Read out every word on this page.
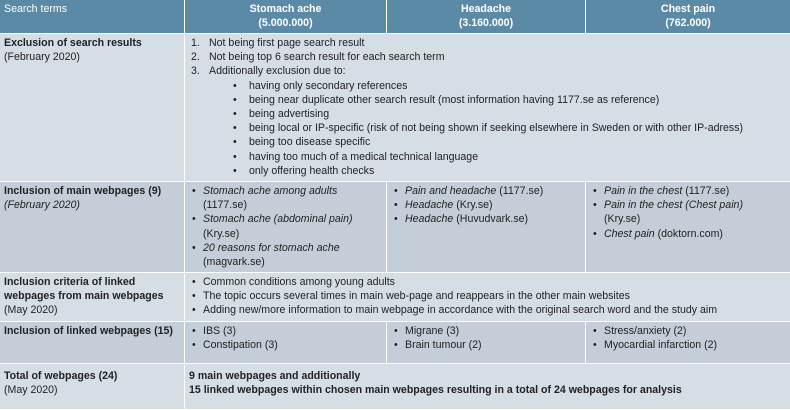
Search terms	Stomach ache
(5.000.000)
Headache
(3.160.000)
Chest pain
(762.000)
Exclusion of search results
(February 2020)
1. Not being first page search result
2. Not being top 6 search result for each search term
3. Additionally exclusion due to:
• having only secondary references
• being near duplicate other search result (most information having 1177.se as reference)
• being advertising
• being local or IP-specific (risk of not being shown if seeking elsewhere in Sweden or with other IP-adress)
• being too disease specific
• having too much of a medical technical language
• only offering health checks
Inclusion of main webpages (9)
(February 2020)
• Stomach ache among adults
(1177.se)
• Stomach ache (abdominal pain)
(Kry.se)
• 20 reasons for stomach ache
(magvark.se)
• Pain and headache (1177.se)
• Headache (Kry.se)
• Headache (Huvudvark.se)
• Pain in the chest (1177.se)
• Pain in the chest (Chest pain)
(Kry.se)
• Chest pain (doktorn.com)
Inclusion criteria of linked
webpages from main webpages
(May 2020)
• Common conditions among young adults
• The topic occurs several times in main web-page and reappears in the other main websites
• Adding new/more information to main webpage in accordance with the original search word and the study aim
Inclusion of linked webpages (15)	• IBS (3)
• Constipation (3)
• Migrane (3)
• Brain tumour (2)
• Stress/anxiety (2)
• Myocardial infarction (2)
Total of webpages (24)
(May 2020)
9 main webpages and additionally
15 linked webpages within chosen main webpages resulting in a total of 24 webpages for analysis
